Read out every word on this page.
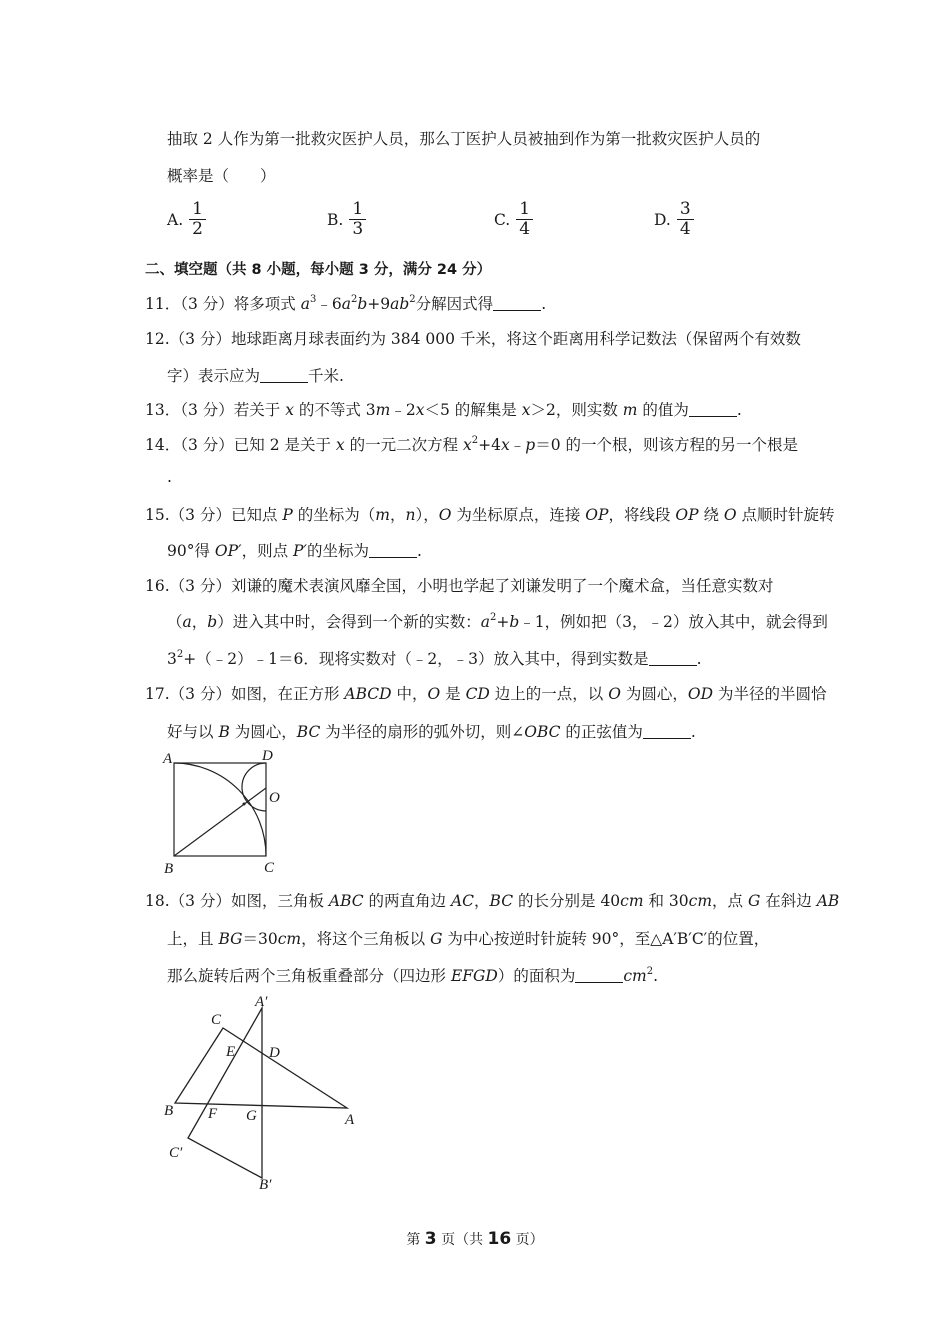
抽取 2 人作为第一批救灾医护人员，那么丁医护人员被抽到作为第一批救灾医护人员的
概率是（　　）
A. $\frac{1}{2}$	B. $\frac{1}{3}$	C. $\frac{1}{4}$	D. $\frac{3}{4}$
二、填空题（共 8 小题，每小题 3 分，满分 24 分）
11．（3 分）将多项式 $a^3﹣6a^2b+9ab^2$分解因式得	.
12.（3 分）地球距离月球表面约为 384 000 千米，将这个距离用科学记数法（保留两个有效数
字）表示应为	千米.
13．（3 分）若关于 x 的不等式 3m﹣2x＜5 的解集是 x＞2，则实数 m 的值为	.
14．（3 分）已知 2 是关于 x 的一元二次方程 $x^2+4x﹣p=0$ 的一个根，则该方程的另一个根是
.
15.（3 分）已知点 P 的坐标为（m，n），O 为坐标原点，连接 OP，将线段 OP 绕 O 点顺时针旋转
90°得 OP′，则点 P′的坐标为	.
16.（3 分）刘谦的魔术表演风靡全国，小明也学起了刘谦发明了一个魔术盒，当任意实数对
（a，b）进入其中时，会得到一个新的实数：$a^2+b﹣1$，例如把（3，﹣2）放入其中，就会得到
$3^2+(﹣2)﹣1=6$．现将实数对（﹣2，﹣3）放入其中，得到实数是	.
17.（3 分）如图，在正方形 ABCD 中，O 是 CD 边上的一点，以 O 为圆心，OD 为半径的半圆恰
好与以 B 为圆心，BC 为半径的扇形的弧外切，则∠OBC 的正弦值为	.
A	D
O
B	C
18.（3 分）如图，三角板 ABC 的两直角边 AC，BC 的长分别是 40cm 和 30cm，点 G 在斜边 AB
上，且 BG＝30cm，将这个三角板以 G 为中心按逆时针旋转 90°，至△A′B′C′的位置，
那么旋转后两个三角板重叠部分（四边形 EFGD）的面积为	$cm^2$.
A′
C
E D
B F G	A
C′
B′
第 3 页（共 16 页）
